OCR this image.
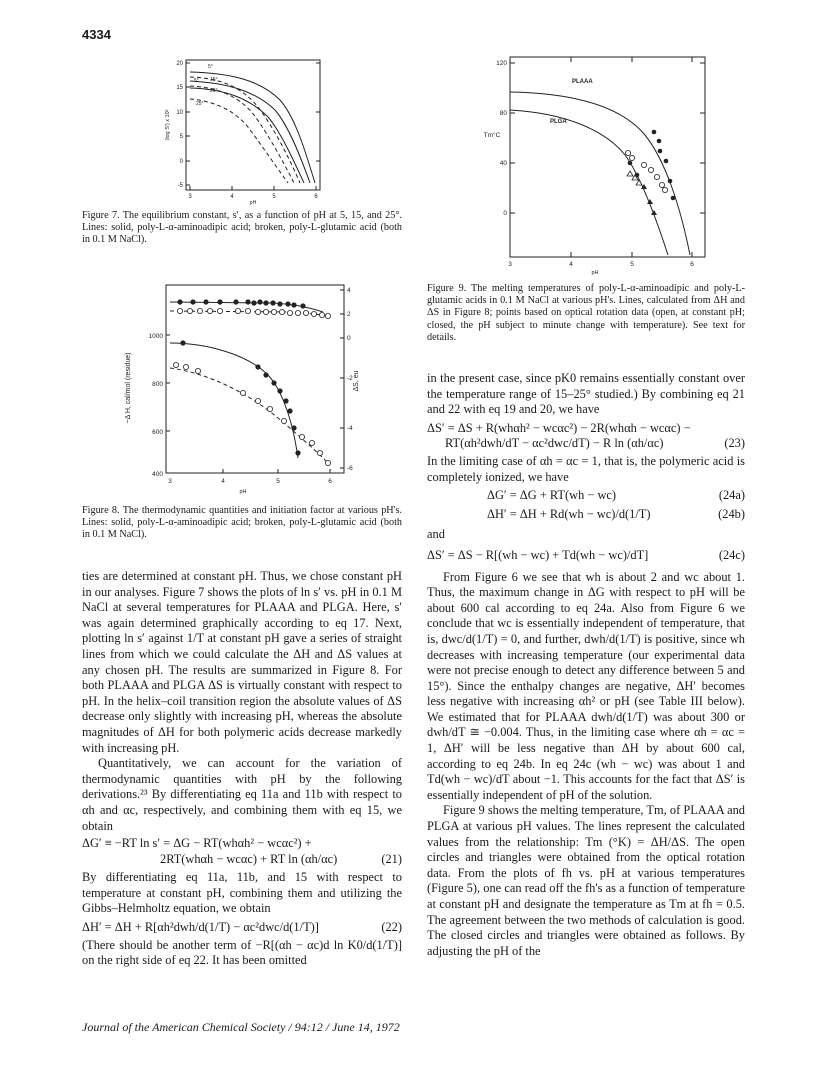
4334
20
15
10
5
0
-5
3	4	5	6
pH
5°
15°
25°
5°
25°
(log S′) x 10²
Figure 7. The equilibrium constant, s′, as a function of pH at 5, 15, and 25°. Lines: solid, poly-L-α-aminoadipic acid; broken, poly-L-glutamic acid (both in 0.1 M NaCl).
1000
800
600
400
4
2
0
-2
-4
-6
3	4	5	6
pH
−Δ H, cal/mol (residue)	ΔS, eu
Figure 8. The thermodynamic quantities and initiation factor at various pH's. Lines: solid, poly-L-α-aminoadipic acid; broken, poly-L-glutamic acid (both in 0.1 M NaCl).
120
80
40
0
3	4	5	6
pH
Tm°C
PLAAA
PLGA
Figure 9. The melting temperatures of poly-L-α-aminoadipic and poly-L-glutamic acids in 0.1 M NaCl at various pH's. Lines, calculated from ΔH and ΔS in Figure 8; points based on optical rotation data (open, at constant pH; closed, the pH subject to minute change with temperature). See text for details.

ties are determined at constant pH. Thus, we chose constant pH in our analyses. Figure 7 shows the plots of ln s′ vs. pH in 0.1 M NaCl at several temperatures for PLAAA and PLGA. Here, s′ was again determined graphically according to eq 17. Next, plotting ln s′ against 1/T at constant pH gave a series of straight lines from which we could calculate the ΔH and ΔS values at any chosen pH. The results are summarized in Figure 8. For both PLAAA and PLGA ΔS is virtually constant with respect to pH. In the helix–coil transition region the absolute values of ΔS decrease only slightly with increasing pH, whereas the absolute magnitudes of ΔH for both polymeric acids decrease markedly with increasing pH.

Quantitatively, we can account for the variation of thermodynamic quantities with pH by the following derivations.²³ By differentiating eq 11a and 11b with respect to αh and αc, respectively, and combining them with eq 15, we obtain

ΔG′ ≡ −RT ln s′ = ΔG − RT(whαh² − wcαc²) +
2RT(whαh − wcαc) + RT ln (αh/αc)	(21)

By differentiating eq 11a, 11b, and 15 with respect to temperature at constant pH, combining them and utilizing the Gibbs–Helmholtz equation, we obtain

ΔH′ = ΔH + R[αh²dwh/d(1/T) − αc²dwc/d(1/T)]	(22)

(There should be another term of −R[(αh − αc)d ln K0/d(1/T)] on the right side of eq 22. It has been omitted

in the present case, since pK0 remains essentially constant over the temperature range of 15–25° studied.) By combining eq 21 and 22 with eq 19 and 20, we have

ΔS′ = ΔS + R(whαh² − wcαc²) − 2R(whαh − wcαc) −
RT(αh²dwh/dT − αc²dwc/dT) − R ln (αh/αc)	(23)

In the limiting case of αh = αc = 1, that is, the polymeric acid is completely ionized, we have

ΔG′ = ΔG + RT(wh − wc)	(24a)
ΔH′ = ΔH + Rd(wh − wc)/d(1/T)	(24b)
and
ΔS′ = ΔS − R[(wh − wc) + Td(wh − wc)/dT]	(24c)

From Figure 6 we see that wh is about 2 and wc about 1. Thus, the maximum change in ΔG with respect to pH will be about 600 cal according to eq 24a. Also from Figure 6 we conclude that wc is essentially independent of temperature, that is, dwc/d(1/T) = 0, and further, dwh/d(1/T) is positive, since wh decreases with increasing temperature (our experimental data were not precise enough to detect any difference between 5 and 15°). Since the enthalpy changes are negative, ΔH′ becomes less negative with increasing αh² or pH (see Table III below). We estimated that for PLAAA dwh/d(1/T) was about 300 or dwh/dT ≅ −0.004. Thus, in the limiting case where αh = αc = 1, ΔH′ will be less negative than ΔH by about 600 cal, according to eq 24b. In eq 24c (wh − wc) was about 1 and Td(wh − wc)/dT about −1. This accounts for the fact that ΔS′ is essentially independent of pH of the solution.

Figure 9 shows the melting temperature, Tm, of PLAAA and PLGA at various pH values. The lines represent the calculated values from the relationship: Tm (°K) = ΔH/ΔS. The open circles and triangles were obtained from the optical rotation data. From the plots of fh vs. pH at various temperatures (Figure 5), one can read off the fh's as a function of temperature at constant pH and designate the temperature as Tm at fh = 0.5. The agreement between the two methods of calculation is good. The closed circles and triangles were obtained as follows. By adjusting the pH of the

Journal of the American Chemical Society / 94:12 / June 14, 1972
